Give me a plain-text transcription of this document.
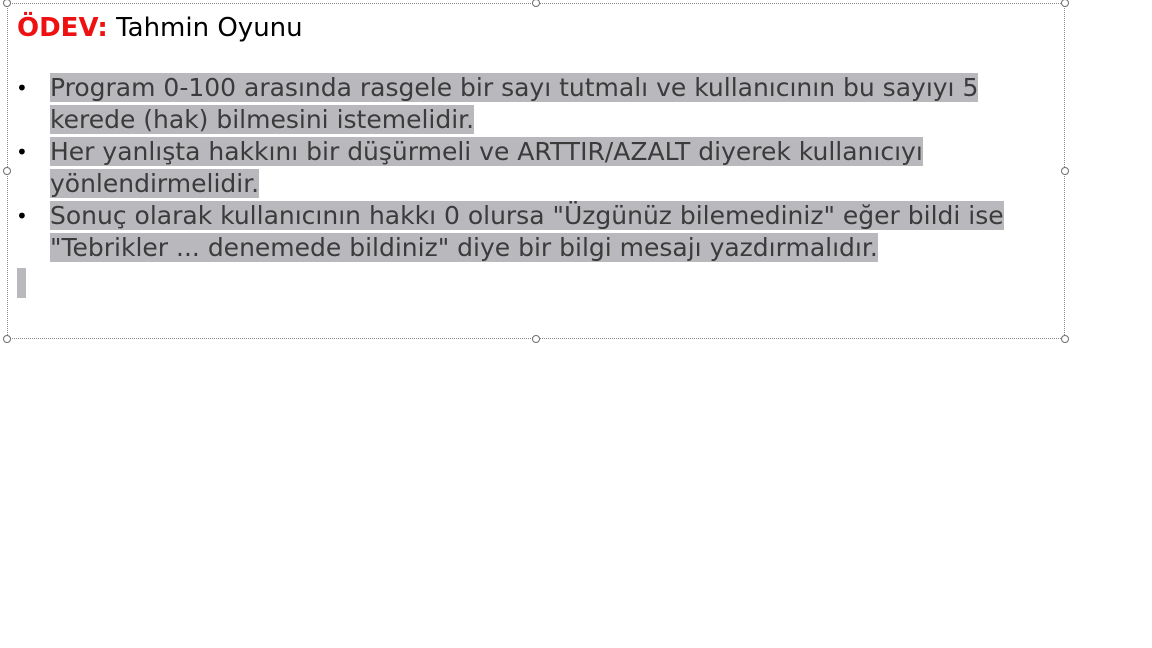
ÖDEV: Tahmin Oyunu
• Program 0-100 arasında rasgele bir sayı tutmalı ve kullanıcının bu sayıyı 5 kerede (hak) bilmesini istemelidir.
• Her yanlışta hakkını bir düşürmeli ve ARTTIR/AZALT diyerek kullanıcıyı yönlendirmelidir.
• Sonuç olarak kullanıcının hakkı 0 olursa "Üzgünüz bilemediniz" eğer bildi ise "Tebrikler ... denemede bildiniz" diye bir bilgi mesajı yazdırmalıdır.
